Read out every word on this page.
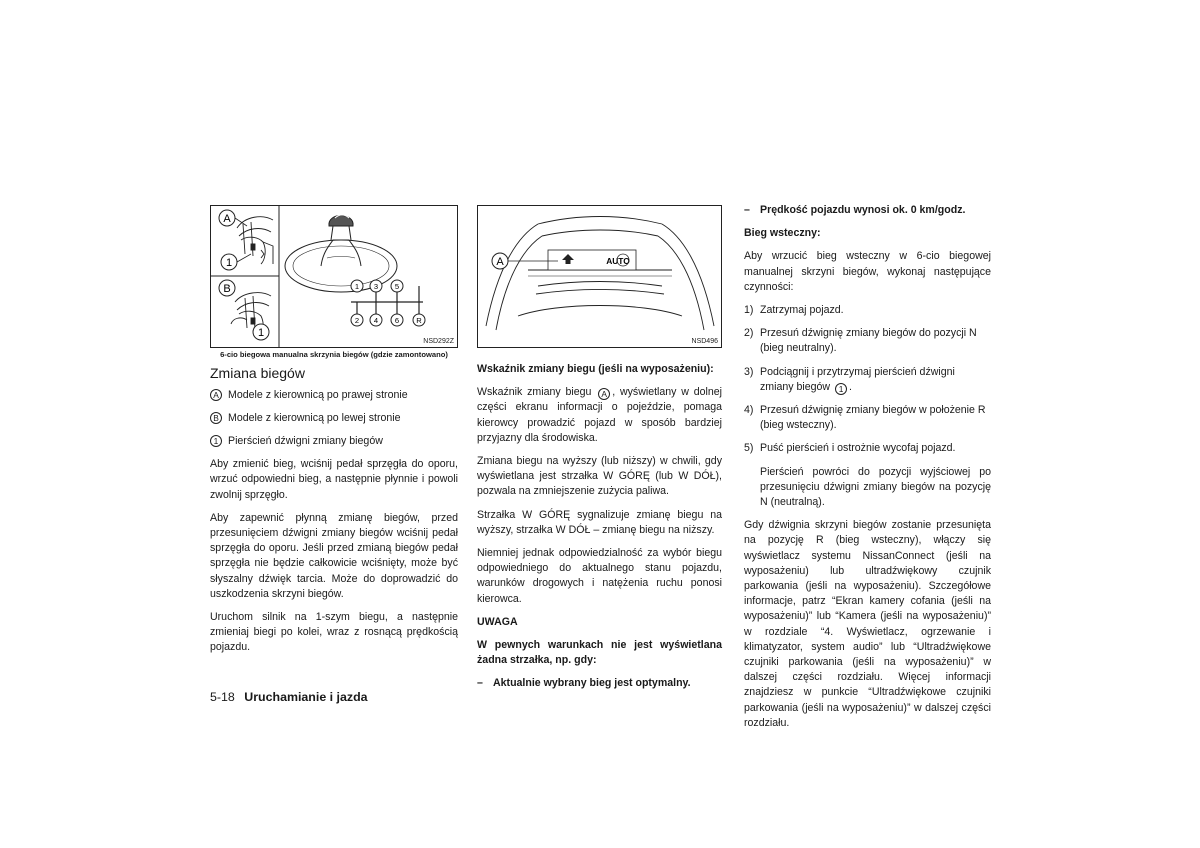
A
1
B
1
1
2
3
4
5
6 R
NSD292Z
6-cio biegowa manualna skrzynia biegów (gdzie zamontowano)
Zmiana biegów
A Modele z kierownicą po prawej stronie
B Modele z kierownicą po lewej stronie
1 Pierścień dźwigni zmiany biegów

Aby zmienić bieg, wciśnij pedał sprzęgła do oporu, wrzuć odpowiedni bieg, a następnie płynnie i powoli zwolnij sprzęgło.

Aby zapewnić płynną zmianę biegów, przed przesunięciem dźwigni zmiany biegów wciśnij pedał sprzęgła do oporu. Jeśli przed zmianą biegów pedał sprzęgła nie będzie całkowicie wciśnięty, może być słyszalny dźwięk tarcia. Może do doprowadzić do uszkodzenia skrzyni biegów.

Uruchom silnik na 1-szym biegu, a następnie zmieniaj biegi po kolei, wraz z rosnącą prędkością pojazdu.

AUTO
A
NSD496

Wskaźnik zmiany biegu (jeśli na wyposażeniu):

Wskaźnik zmiany biegu A , wyświetlany w dolnej części ekranu informacji o pojeździe, pomaga kierowcy prowadzić pojazd w sposób bardziej przyjazny dla środowiska.

Zmiana biegu na wyższy (lub niższy) w chwili, gdy wyświetlana jest strzałka W GÓRĘ (lub W DÓŁ), pozwala na zmniejszenie zużycia paliwa.

Strzałka W GÓRĘ sygnalizuje zmianę biegu na wyższy, strzałka W DÓŁ – zmianę biegu na niższy.

Niemniej jednak odpowiedzialność za wybór biegu odpowiedniego do aktualnego stanu pojazdu, warunków drogowych i natężenia ruchu ponosi kierowca.

UWAGA

W pewnych warunkach nie jest wyświetlana żadna strzałka, np. gdy:

– Aktualnie wybrany bieg jest optymalny.
– Prędkość pojazdu wynosi ok. 0 km/godz.

Bieg wsteczny:

Aby wrzucić bieg wsteczny w 6-cio biegowej manualnej skrzyni biegów, wykonaj następujące czynności:

1) Zatrzymaj pojazd.
2) Przesuń dźwignię zmiany biegów do pozycji N (bieg neutralny).
3) Podciągnij i przytrzymaj pierścień dźwigni zmiany biegów 1 .
4) Przesuń dźwignię zmiany biegów w położenie R (bieg wsteczny).
5) Puść pierścień i ostrożnie wycofaj pojazd.

Pierścień powróci do pozycji wyjściowej po przesunięciu dźwigni zmiany biegów na pozycję N (neutralną).

Gdy dźwignia skrzyni biegów zostanie przesunięta na pozycję R (bieg wsteczny), włączy się wyświetlacz systemu NissanConnect (jeśli na wyposażeniu) lub ultradźwiękowy czujnik parkowania (jeśli na wyposażeniu). Szczegółowe informacje, patrz “Ekran kamery cofania (jeśli na wyposażeniu)” lub “Kamera (jeśli na wyposażeniu)” w rozdziale “4. Wyświetlacz, ogrzewanie i klimatyzator, system audio” lub “Ultradźwiękowe czujniki parkowania (jeśli na wyposażeniu)” w dalszej części rozdziału. Więcej informacji znajdziesz w punkcie “Ultradźwiękowe czujniki parkowania (jeśli na wyposażeniu)” w dalszej części rozdziału.

5-18 Uruchamianie i jazda
